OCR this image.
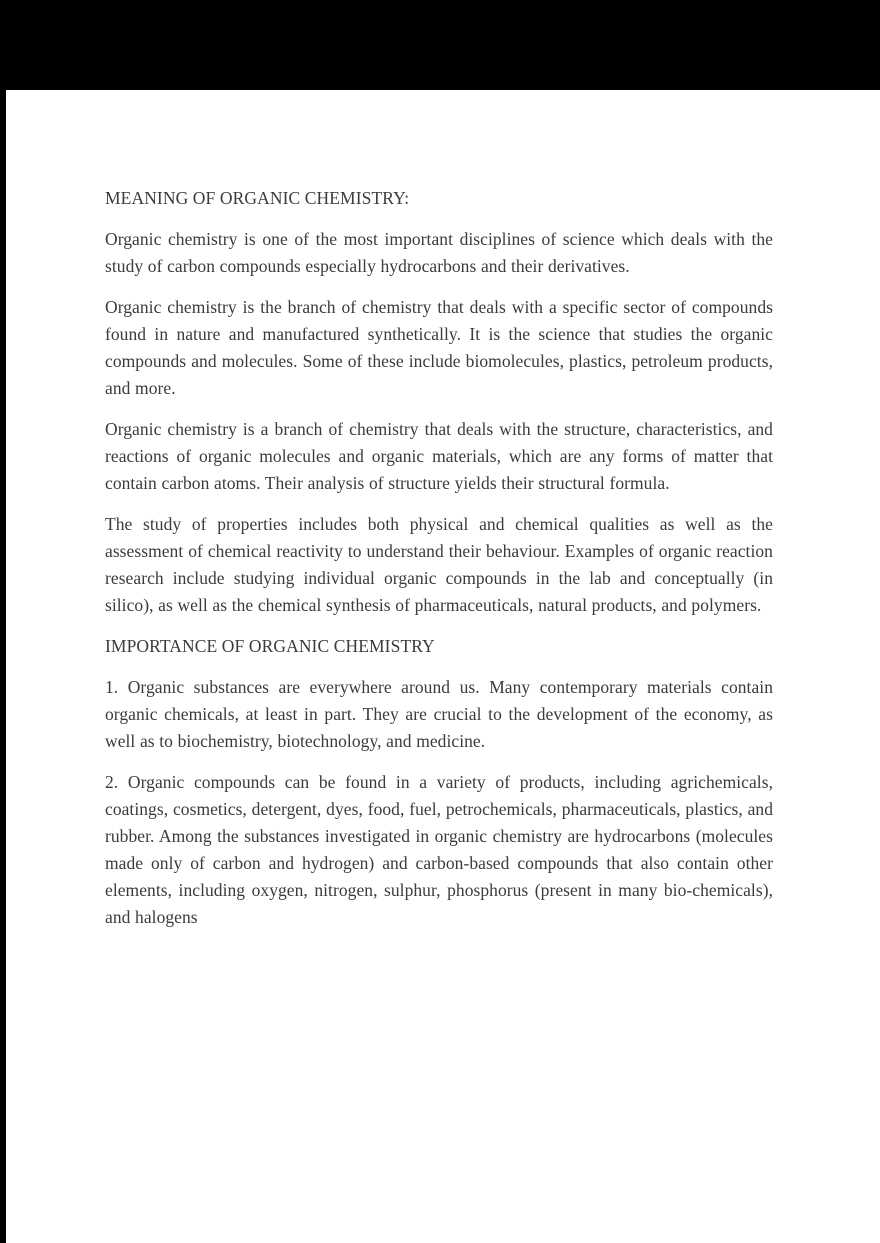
MEANING OF ORGANIC CHEMISTRY:

Organic chemistry is one of the most important disciplines of science which deals with the study of carbon compounds especially hydrocarbons and their derivatives.

Organic chemistry is the branch of chemistry that deals with a specific sector of compounds found in nature and manufactured synthetically. It is the science that studies the organic compounds and molecules. Some of these include biomolecules, plastics, petroleum products, and more.

Organic chemistry is a branch of chemistry that deals with the structure, characteristics, and reactions of organic molecules and organic materials, which are any forms of matter that contain carbon atoms. Their analysis of structure yields their structural formula.

The study of properties includes both physical and chemical qualities as well as the assessment of chemical reactivity to understand their behaviour. Examples of organic reaction research include studying individual organic compounds in the lab and conceptually (in silico), as well as the chemical synthesis of pharmaceuticals, natural products, and polymers.

IMPORTANCE OF ORGANIC CHEMISTRY

1. Organic substances are everywhere around us. Many contemporary materials contain organic chemicals, at least in part. They are crucial to the development of the economy, as well as to biochemistry, biotechnology, and medicine.

2. Organic compounds can be found in a variety of products, including agrichemicals, coatings, cosmetics, detergent, dyes, food, fuel, petrochemicals, pharmaceuticals, plastics, and rubber. Among the substances investigated in organic chemistry are hydrocarbons (molecules made only of carbon and hydrogen) and carbon-based compounds that also contain other elements, including oxygen, nitrogen, sulphur, phosphorus (present in many bio-chemicals), and halogens
